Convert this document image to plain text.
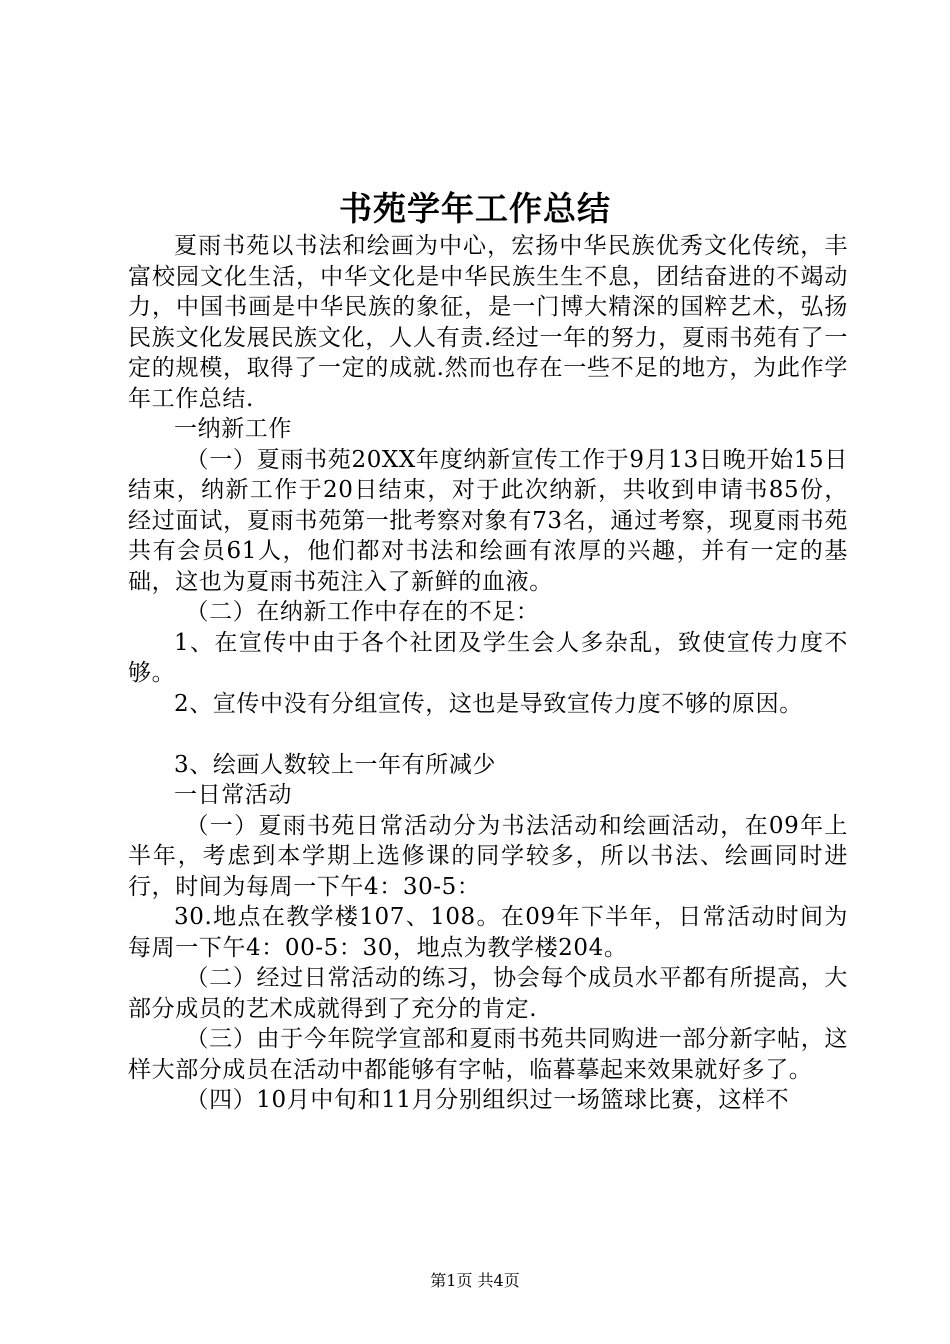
书苑学年工作总结

夏雨书苑以书法和绘画为中心，宏扬中华民族优秀文化传统，丰富校园文化生活，中华文化是中华民族生生不息，团结奋进的不竭动力，中国书画是中华民族的象征，是一门博大精深的国粹艺术，弘扬民族文化发展民族文化，人人有责.经过一年的努力，夏雨书苑有了一定的规模，取得了一定的成就.然而也存在一些不足的地方，为此作学年工作总结.

一纳新工作

（一）夏雨书苑20XX年度纳新宣传工作于9月13日晚开始15日结束，纳新工作于20日结束，对于此次纳新，共收到申请书85份，经过面试，夏雨书苑第一批考察对象有73名，通过考察，现夏雨书苑共有会员61人，他们都对书法和绘画有浓厚的兴趣，并有一定的基础，这也为夏雨书苑注入了新鲜的血液。

（二）在纳新工作中存在的不足：

1、在宣传中由于各个社团及学生会人多杂乱，致使宣传力度不够。

2、宣传中没有分组宣传，这也是导致宣传力度不够的原因。

3、绘画人数较上一年有所减少

一日常活动

（一）夏雨书苑日常活动分为书法活动和绘画活动，在09年上半年，考虑到本学期上选修课的同学较多，所以书法、绘画同时进行，时间为每周一下午4：30-5：

30.地点在教学楼107、108。在09年下半年，日常活动时间为每周一下午4：00-5：30，地点为教学楼204。

（二）经过日常活动的练习，协会每个成员水平都有所提高，大部分成员的艺术成就得到了充分的肯定.

（三）由于今年院学宣部和夏雨书苑共同购进一部分新字帖，这样大部分成员在活动中都能够有字帖，临暮摹起来效果就好多了。

（四）10月中旬和11月分别组织过一场篮球比赛，这样不

第1页 共4页
